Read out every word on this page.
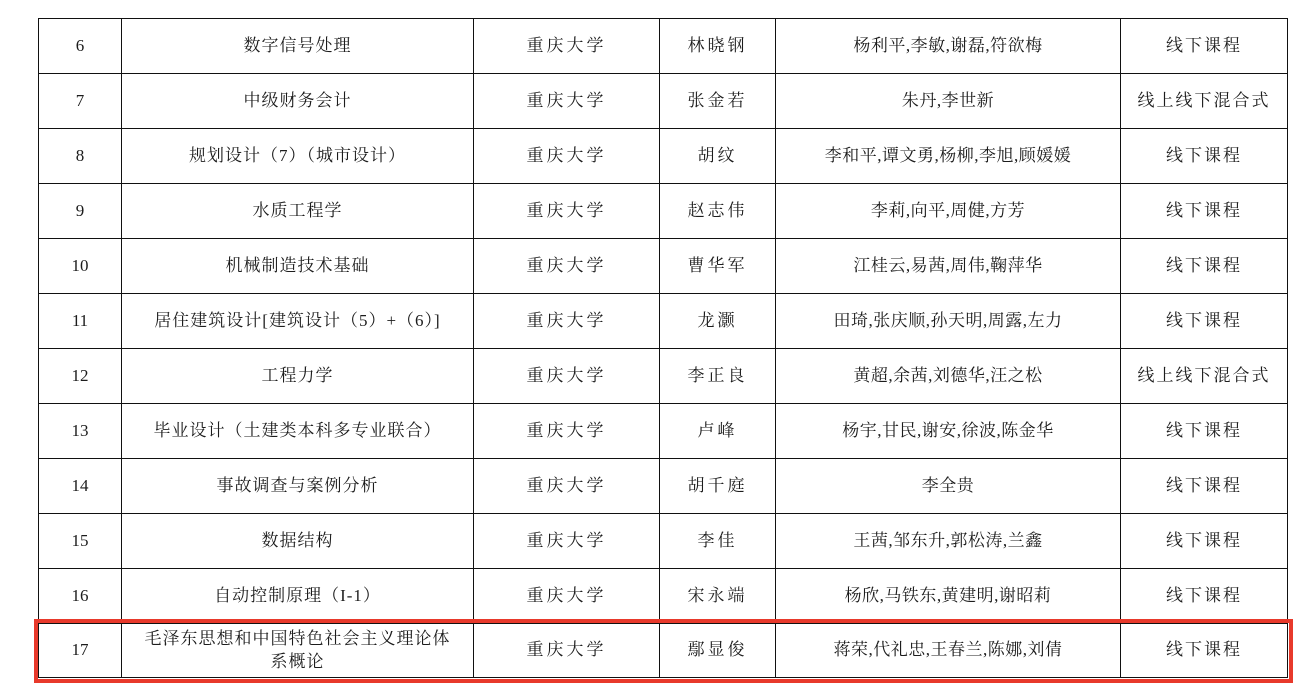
6	数字信号处理	重庆大学	林晓钢	杨利平,李敏,谢磊,符欲梅	线下课程
7	中级财务会计	重庆大学	张金若	朱丹,李世新	线上线下混合式
8	规划设计（7）（城市设计）	重庆大学	胡纹	李和平,谭文勇,杨柳,李旭,顾媛媛	线下课程
9	水质工程学	重庆大学	赵志伟	李莉,向平,周健,方芳	线下课程
10	机械制造技术基础	重庆大学	曹华军	江桂云,易茜,周伟,鞠萍华	线下课程
11	居住建筑设计[建筑设计（5）+（6）]	重庆大学	龙灏	田琦,张庆顺,孙天明,周露,左力	线下课程
12	工程力学	重庆大学	李正良	黄超,余茜,刘德华,汪之松	线上线下混合式
13	毕业设计（土建类本科多专业联合）	重庆大学	卢峰	杨宇,甘民,谢安,徐波,陈金华	线下课程
14	事故调查与案例分析	重庆大学	胡千庭	李全贵	线下课程
15	数据结构	重庆大学	李佳	王茜,邹东升,郭松涛,兰鑫	线下课程
16	自动控制原理（I-1）	重庆大学	宋永端	杨欣,马铁东,黄建明,谢昭莉	线下课程
17	毛泽东思想和中国特色社会主义理论体系概论	重庆大学	鄢显俊	蒋荣,代礼忠,王春兰,陈娜,刘倩	线下课程
